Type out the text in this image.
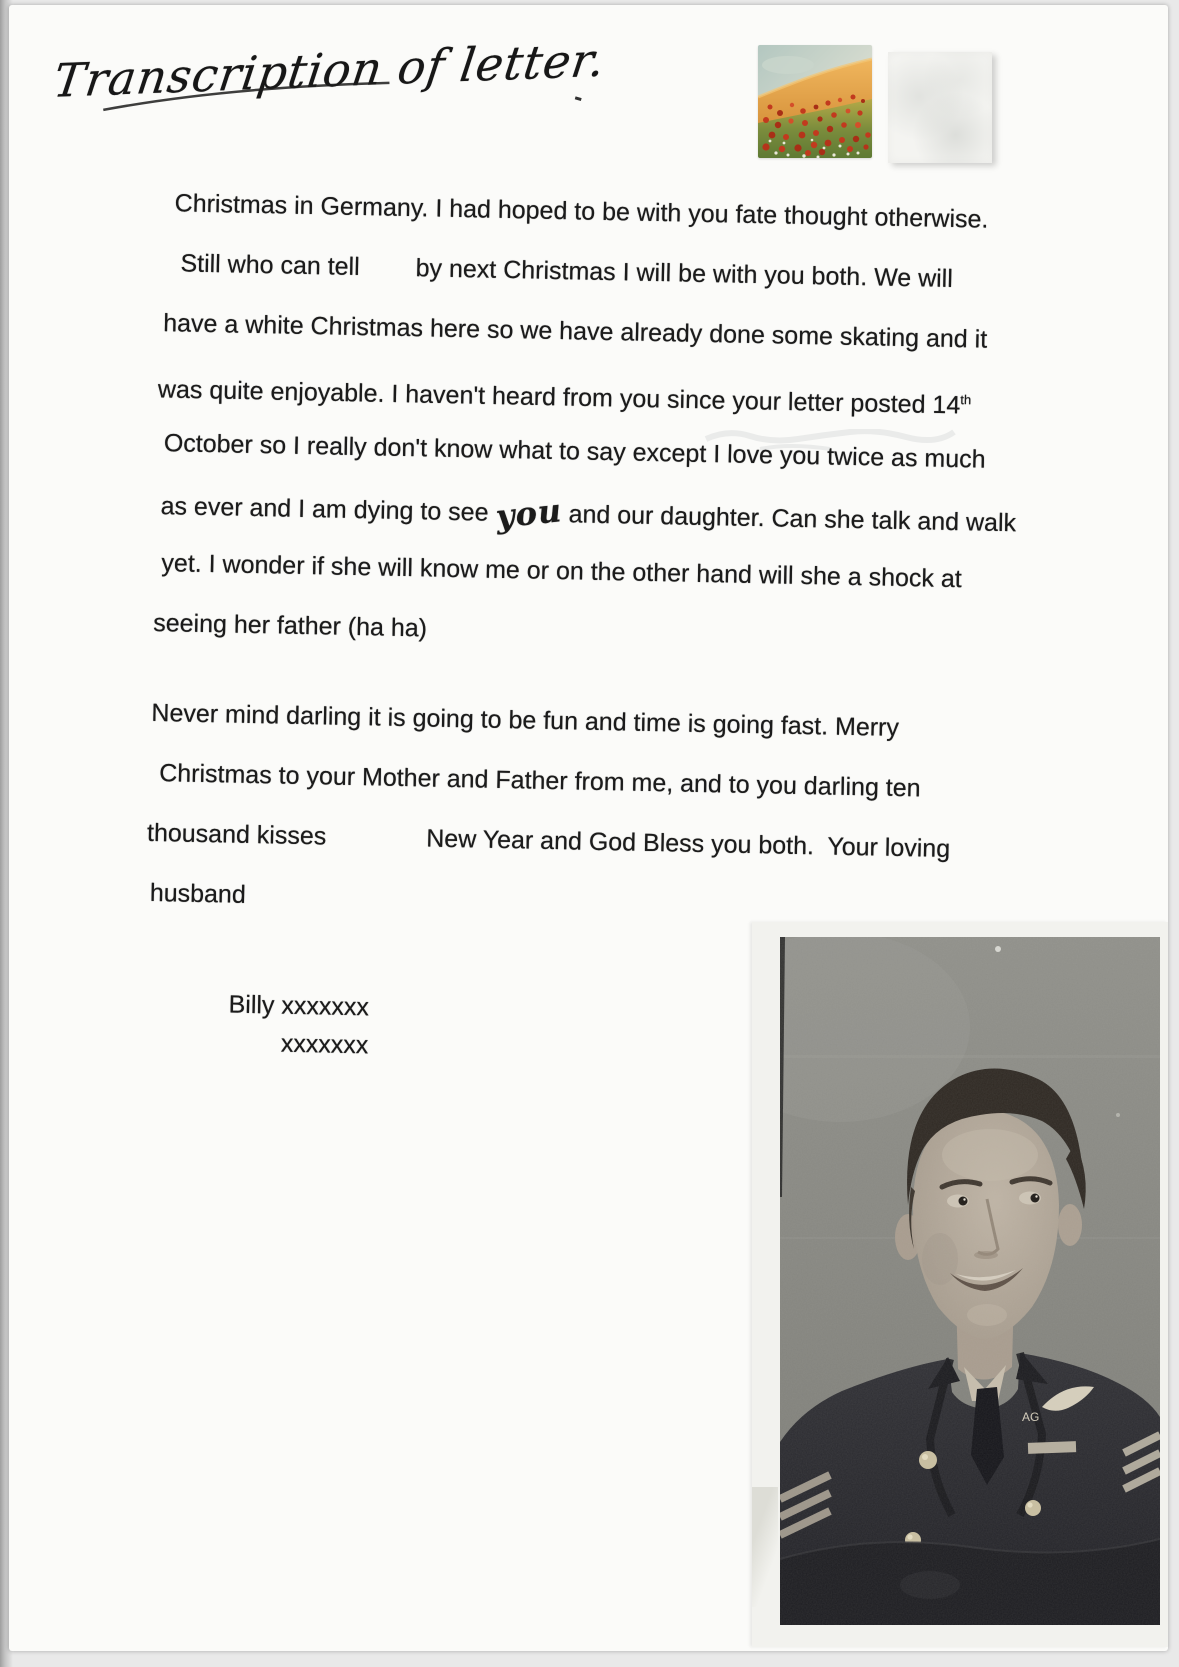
Transcription of letter.
Christmas in Germany. I had hoped to be with you fate thought otherwise.
Still who can tell by next Christmas I will be with you both. We will
have a white Christmas here so we have already done some skating and it
was quite enjoyable. I haven't heard from you since your letter posted 14th
October so I really don't know what to say except I love you twice as much
as ever and I am dying to see you and our daughter. Can she talk and walk
yet. I wonder if she will know me or on the other hand will she a shock at
seeing her father (ha ha)
Never mind darling it is going to be fun and time is going fast. Merry
Christmas to your Mother and Father from me, and to you darling ten
thousand kisses	New Year and God Bless you both.  Your loving
husband
Billy xxxxxxx
xxxxxxx
AG
